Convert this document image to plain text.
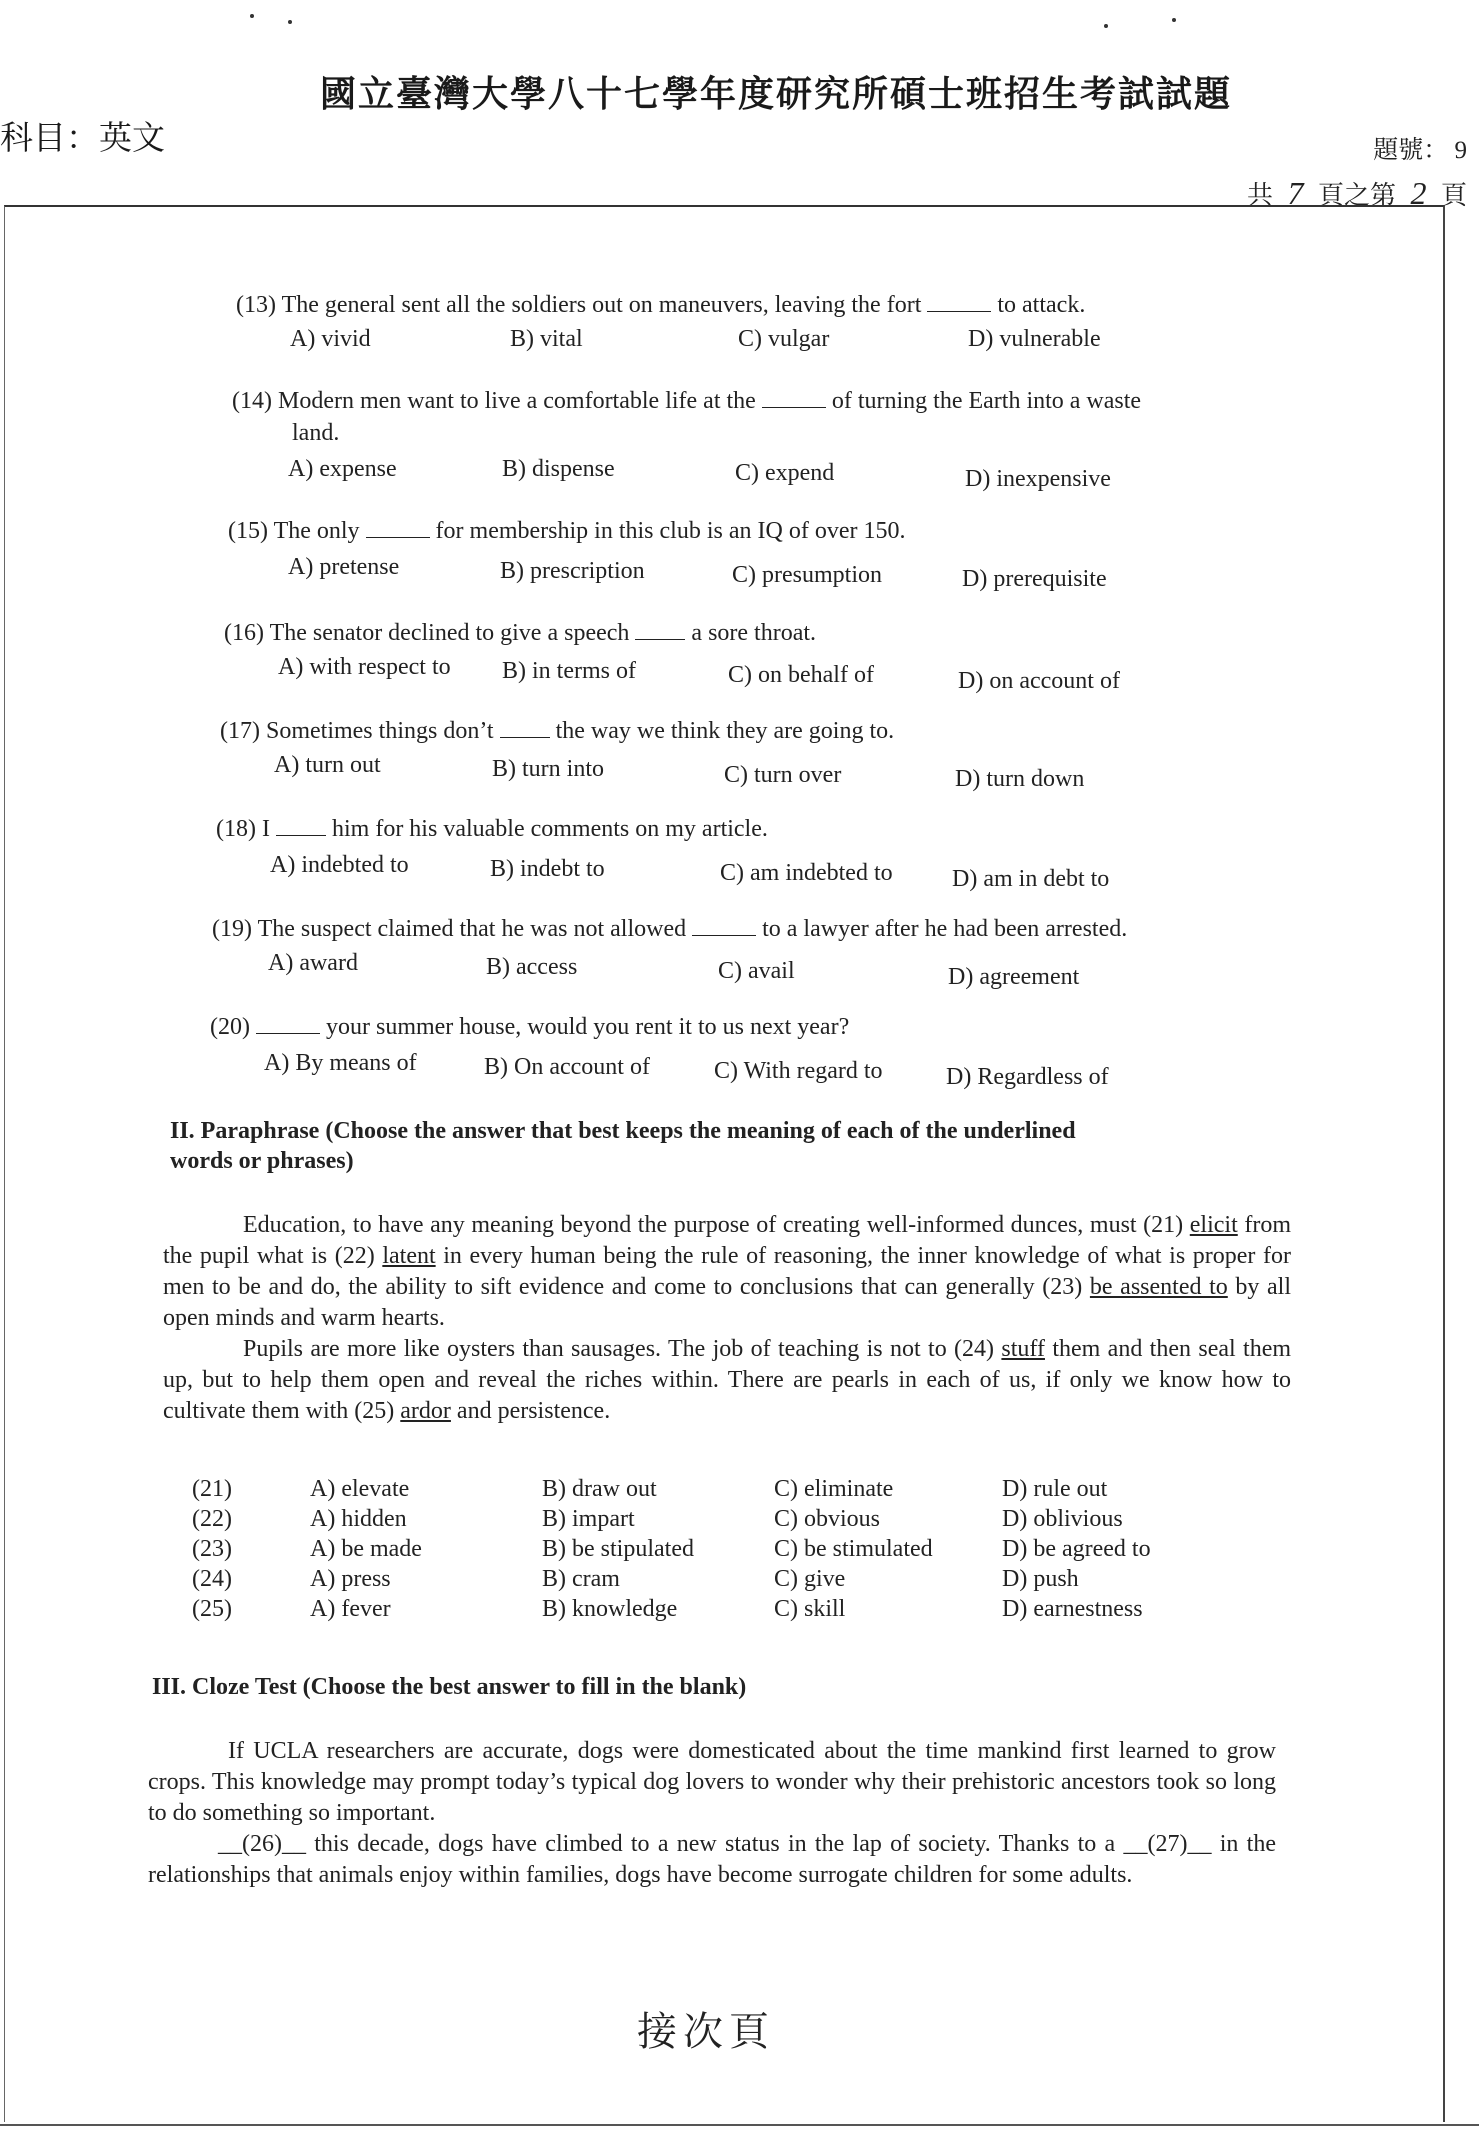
國立臺灣大學八十七學年度研究所碩士班招生考試試題
科目：英文	題號： 9
共 7 頁之第 2 頁
(13) The general sent all the soldiers out on maneuvers, leaving the fort	to attack.
A) vivid	B) vital	C) vulgar	D) vulnerable
(14) Modern men want to live a comfortable life at the	of turning the Earth into a waste
land.
A) expense	B) dispense	C) expend	D) inexpensive
(15) The only	for membership in this club is an IQ of over 150.
A) pretense	B) prescription	C) presumption	D) prerequisite
(16) The senator declined to give a speech	a sore throat.
A) with respect to B) in terms of	C) on behalf of	D) on account of
(17) Sometimes things don’t	the way we think they are going to.
A) turn out	B) turn into	C) turn over	D) turn down
(18) I	him for his valuable comments on my article.
A) indebted to	B) indebt to	C) am indebted to D) am in debt to
(19) The suspect claimed that he was not allowed	to a lawyer after he had been arrested.
A) award	B) access	C) avail	D) agreement
(20)	your summer house, would you rent it to us next year?
A) By means of	B) On account of	C) With regard to	D) Regardless of
II. Paraphrase (Choose the answer that best keeps the meaning of each of the underlined
words or phrases)

Education, to have any meaning beyond the purpose of creating well-informed dunces, must (21) elicit from the pupil what is (22) latent in every human being the rule of reasoning, the inner knowledge of what is proper for men to be and do, the ability to sift evidence and come to conclusions that can generally (23) be assented to by all open minds and warm hearts.

Pupils are more like oysters than sausages. The job of teaching is not to (24) stuff them and then seal them up, but to help them open and reveal the riches within. There are pearls in each of us, if only we know how to cultivate them with (25) ardor and persistence.

(21)	A) elevate	B) draw out	C) eliminate	D) rule out
(22)	A) hidden	B) impart	C) obvious	D) oblivious
(23)	A) be made	B) be stipulated	C) be stimulated	D) be agreed to
(24)	A) press	B) cram	C) give	D) push
(25)	A) fever	B) knowledge	C) skill	D) earnestness
III. Cloze Test (Choose the best answer to fill in the blank)

If UCLA researchers are accurate, dogs were domesticated about the time mankind first learned to grow crops. This knowledge may prompt today’s typical dog lovers to wonder why their prehistoric ancestors took so long to do something so important.

__(26)__ this decade, dogs have climbed to a new status in the lap of society. Thanks to a __(27)__ in the relationships that animals enjoy within families, dogs have become surrogate children for some adults.

接次頁
